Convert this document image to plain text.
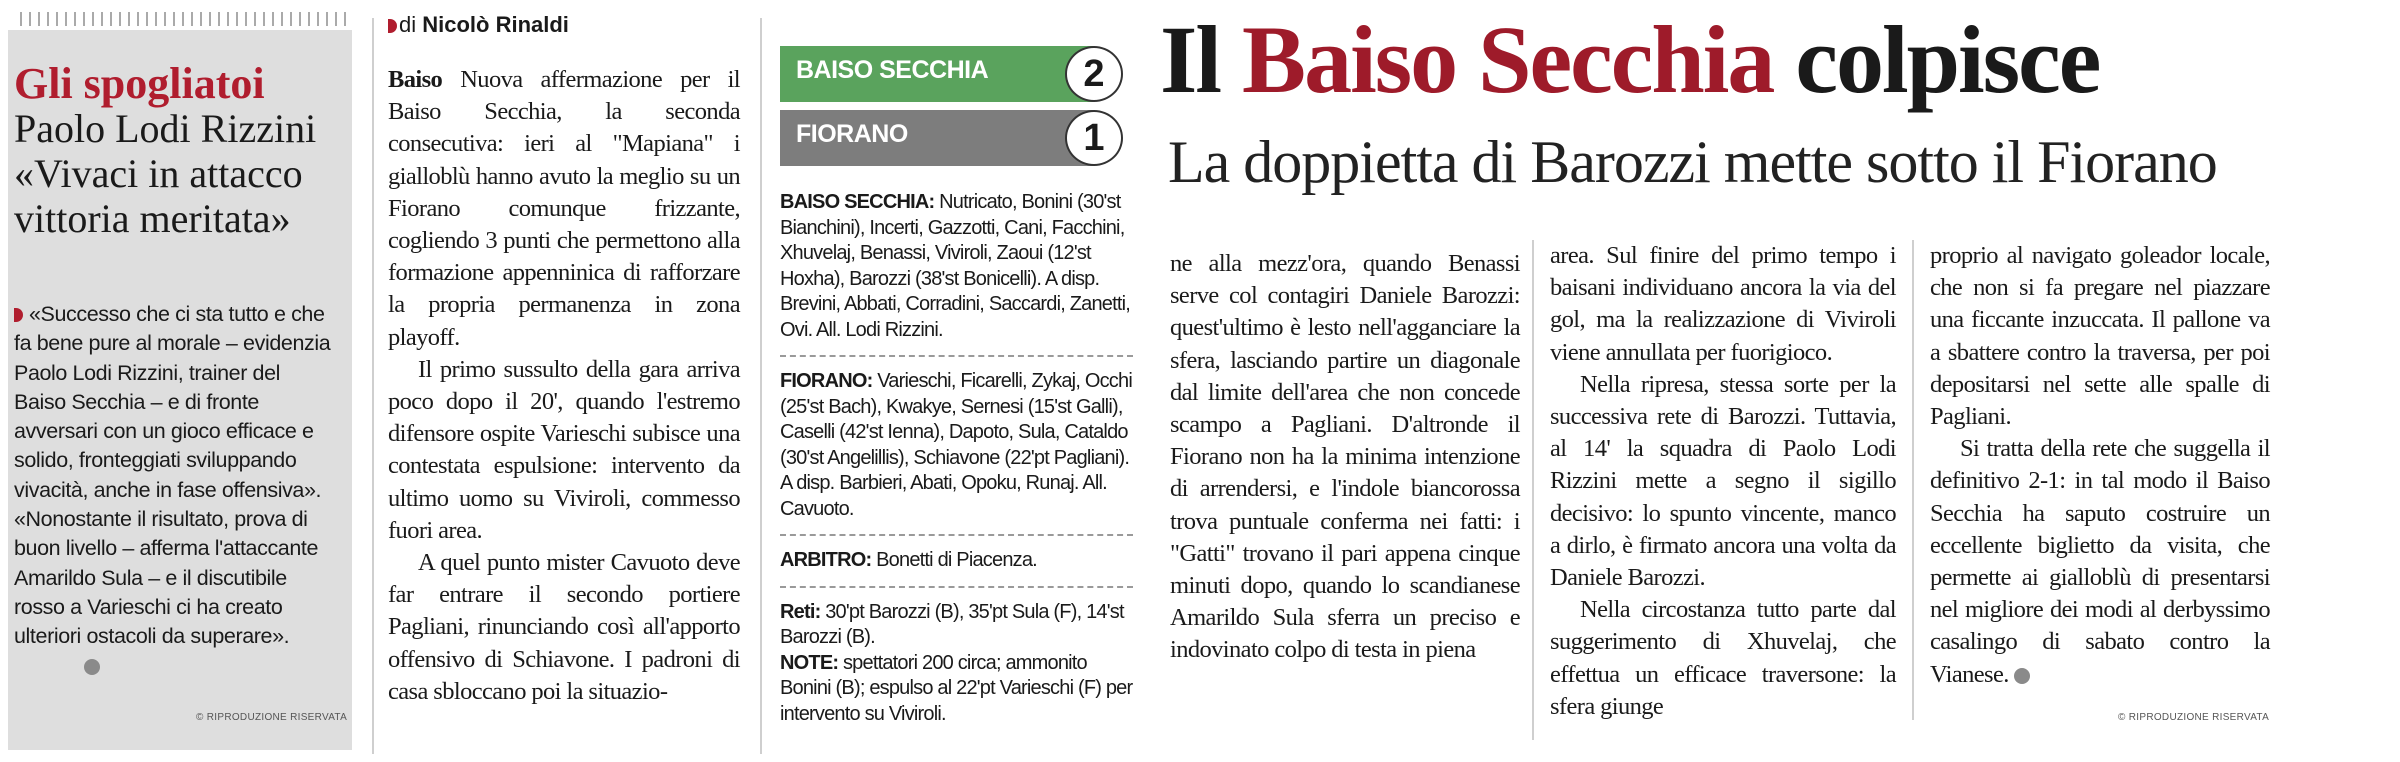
Gli spogliatoi
Paolo Lodi Rizzini
«Vivaci in attacco
vittoria meritata»
«Successo che ci sta tutto e che fa bene pure al morale – evidenzia Paolo Lodi Rizzini, trainer del Baiso Secchia – e di fronte avversari con un gioco efficace e solido, fronteggiati sviluppando vivacità, anche in fase offensiva». «Nonostante il risultato, prova di buon livello – afferma l'attaccante Amarildo Sula – e il discutibile rosso a Varieschi ci ha creato ulteriori ostacoli da superare».
© RIPRODUZIONE RISERVATA
di Nicolò Rinaldi

Baiso Nuova affermazione per il Baiso Secchia, la seconda consecutiva: ieri al "Mapiana" i gialloblù hanno avuto la meglio su un Fiorano comunque frizzante, cogliendo 3 punti che permettono alla formazione appenninica di rafforzare la propria permanenza in zona playoff.

Il primo sussulto della gara arriva poco dopo il 20', quando l'estremo difensore ospite Varieschi subisce una contestata espulsione: intervento da ultimo uomo su Viviroli, commesso fuori area.

A quel punto mister Cavuoto deve far entrare il secondo portiere Pagliani, rinunciando così all'apporto offensivo di Schiavone. I padroni di casa sbloccano poi la situazio-

BAISO SECCHIA	2
FIORANO	1
BAISO SECCHIA: Nutricato, Bonini (30'st Bianchini), Incerti, Gazzotti, Cani, Facchini, Xhuvelaj, Benassi, Viviroli, Zaoui (12'st Hoxha), Barozzi (38'st Bonicelli). A disp. Brevini, Abbati, Corradini, Saccardi, Zanetti, Ovi. All. Lodi Rizzini.
FIORANO: Varieschi, Ficarelli, Zykaj, Occhi (25'st Bach), Kwakye, Sernesi (15'st Galli), Caselli (42'st Ienna), Dapoto, Sula, Cataldo (30'st Angelillis), Schiavone (22'pt Pagliani). A disp. Barbieri, Abati, Opoku, Runaj. All. Cavuoto.
ARBITRO: Bonetti di Piacenza.
Reti: 30'pt Barozzi (B), 35'pt Sula (F), 14'st Barozzi (B).
NOTE: spettatori 200 circa; ammonito Bonini (B); espulso al 22'pt Varieschi (F) per intervento su Viviroli.
Il Baiso Secchia colpisce
La doppietta di Barozzi mette sotto il Fiorano

ne alla mezz'ora, quando Benassi serve col contagiri Daniele Barozzi: quest'ultimo è lesto nell'agganciare la sfera, lasciando partire un diagonale dal limite dell'area che non concede scampo a Pagliani. D'altronde il Fiorano non ha la minima intenzione di arrendersi, e l'indole biancorossa trova puntuale conferma nei fatti: i "Gatti" trovano il pari appena cinque minuti dopo, quando lo scandianese Amarildo Sula sferra un preciso e indovinato colpo di testa in piena

area. Sul finire del primo tempo i baisani individuano ancora la via del gol, ma la realizzazione di Viviroli viene annullata per fuorigioco.

Nella ripresa, stessa sorte per la successiva rete di Barozzi. Tuttavia, al 14' la squadra di Paolo Lodi Rizzini mette a segno il sigillo decisivo: lo spunto vincente, manco a dirlo, è firmato ancora una volta da Daniele Barozzi.

Nella circostanza tutto parte dal suggerimento di Xhuvelaj, che effettua un efficace traversone: la sfera giunge

proprio al navigato goleador locale, che non si fa pregare nel piazzare una ficcante inzuccata. Il pallone va a sbattere contro la traversa, per poi depositarsi nel sette alle spalle di Pagliani.

Si tratta della rete che suggella il definitivo 2-1: in tal modo il Baiso Secchia ha saputo costruire un eccellente biglietto da visita, che permette ai gialloblù di presentarsi nel migliore dei modi al derbyssimo casalingo di sabato contro la Vianese.

© RIPRODUZIONE RISERVATA
